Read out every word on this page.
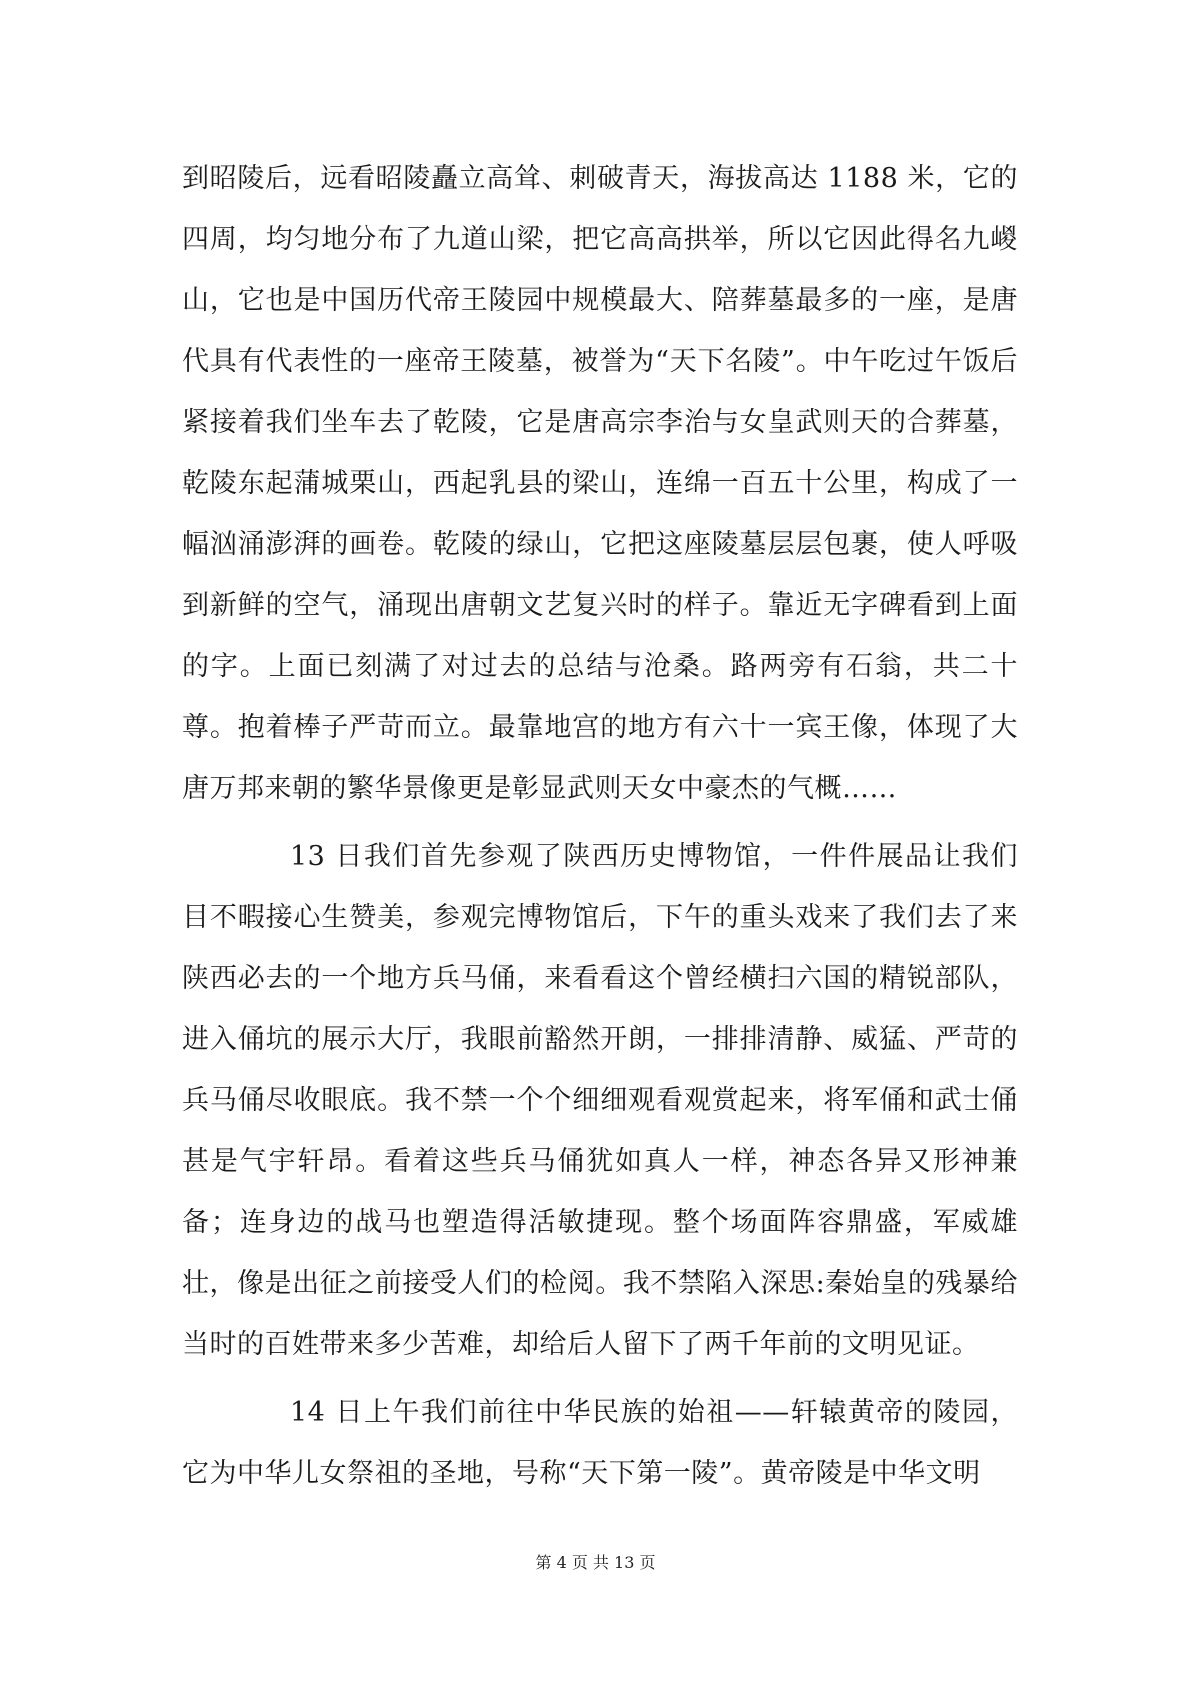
到昭陵后，远看昭陵矗立高耸、刺破青天，海拔高达 1188 米，它的四周，均匀地分布了九道山梁，把它高高拱举，所以它因此得名九嵕山，它也是中国历代帝王陵园中规模最大、陪葬墓最多的一座，是唐代具有代表性的一座帝王陵墓，被誉为“天下名陵”。中午吃过午饭后紧接着我们坐车去了乾陵，它是唐高宗李治与女皇武则天的合葬墓，乾陵东起蒲城栗山，西起乳县的梁山，连绵一百五十公里，构成了一幅汹涌澎湃的画卷。乾陵的绿山，它把这座陵墓层层包裹，使人呼吸到新鲜的空气，涌现出唐朝文艺复兴时的样子。靠近无字碑看到上面的字。上面已刻满了对过去的总结与沧桑。路两旁有石翁，共二十尊。抱着棒子严苛而立。最靠地宫的地方有六十一宾王像，体现了大唐万邦来朝的繁华景像更是彰显武则天女中豪杰的气概……

13 日我们首先参观了陕西历史博物馆，一件件展品让我们目不暇接心生赞美，参观完博物馆后，下午的重头戏来了我们去了来陕西必去的一个地方兵马俑，来看看这个曾经横扫六国的精锐部队，进入俑坑的展示大厅，我眼前豁然开朗，一排排清静、威猛、严苛的兵马俑尽收眼底。我不禁一个个细细观看观赏起来，将军俑和武士俑甚是气宇轩昂。看着这些兵马俑犹如真人一样，神态各异又形神兼备；连身边的战马也塑造得活敏捷现。整个场面阵容鼎盛，军威雄壮，像是出征之前接受人们的检阅。我不禁陷入深思:秦始皇的残暴给当时的百姓带来多少苦难，却给后人留下了两千年前的文明见证。

14 日上午我们前往中华民族的始祖——轩辕黄帝的陵园，它为中华儿女祭祖的圣地，号称“天下第一陵”。黄帝陵是中华文明

第 4 页 共 13 页
